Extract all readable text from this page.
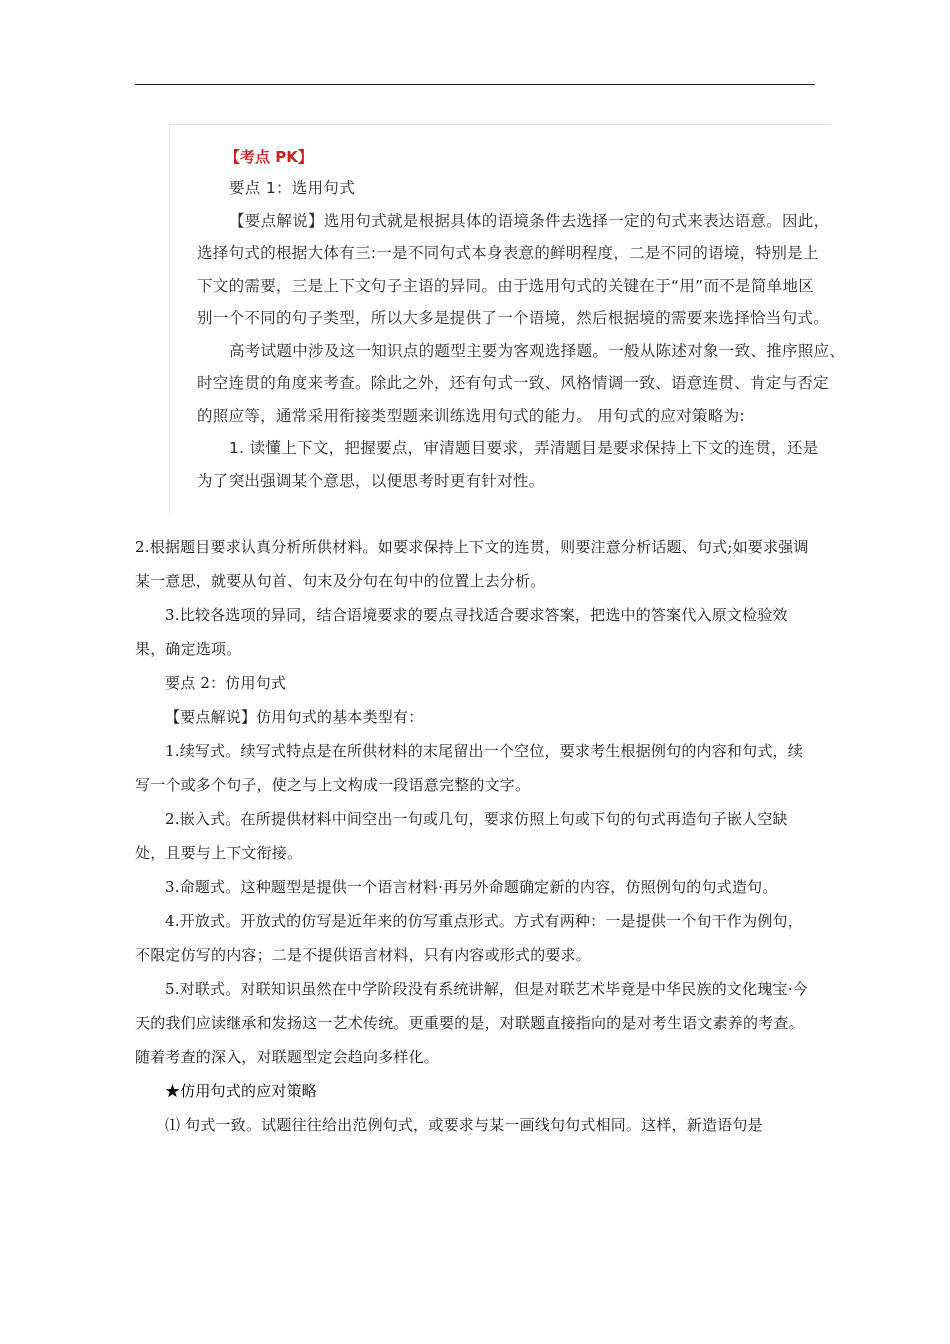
【考点 PK】
要点 1：选用句式
【要点解说】选用句式就是根据具体的语境条件去选择一定的句式来表达语意。因此，
选择句式的根据大体有三:一是不同句式本身表意的鲜明程度，二是不同的语境，特别是上
下文的需要，三是上下文句子主语的异同。由于选用句式的关键在于“用”而不是简单地区
别一个不同的句子类型，所以大多是提供了一个语境，然后根据境的需要来选择恰当句式。
高考试题中涉及这一知识点的题型主要为客观选择题。一般从陈述对象一致、推序照应、
时空连贯的角度来考查。除此之外，还有句式一致、风格情调一致、语意连贯、肯定与否定
的照应等，通常采用衔接类型题来训练选用句式的能力。 用句式的应对策略为:
1. 读懂上下文，把握要点，审清题目要求，弄清题目是要求保持上下文的连贯，还是
为了突出强调某个意思，以便思考时更有针对性。

2.根据题目要求认真分析所供材料。如要求保持上下文的连贯，则要注意分析话题、句式;如要求强调某一意思，就要从句首、句末及分句在句中的位置上去分析。

3.比较各选项的异同，结合语境要求的要点寻找适合要求答案，把选中的答案代入原文检验效果，确定选项。

要点 2：仿用句式

【要点解说】仿用句式的基本类型有：

1.续写式。续写式特点是在所供材料的末尾留出一个空位，要求考生根据例句的内容和句式，续写一个或多个句子，使之与上文构成一段语意完整的文字。

2.嵌入式。在所提供材料中间空出一句或几句，要求仿照上句或下句的句式再造句子嵌人空缺处，且要与上下文衔接。

3.命题式。这种题型是提供一个语言材料·再另外命题确定新的内容，仿照例句的句式造句。

4.开放式。开放式的仿写是近年来的仿写重点形式。方式有两种：一是提供一个旬干作为例句，不限定仿写的内容；二是不提供语言材料，只有内容或形式的要求。

5.对联式。对联知识虽然在中学阶段没有系统讲解，但是对联艺术毕竟是中华民族的文化瑰宝·今天的我们应读继承和发扬这一艺术传统。更重要的是，对联题直接指向的是对考生语文素养的考查。随着考查的深入，对联题型定会趋向多样化。

★仿用句式的应对策略

⑴ 句式一致。试题往往给出范例句式，或要求与某一画线句句式相同。这样，新造语句是
